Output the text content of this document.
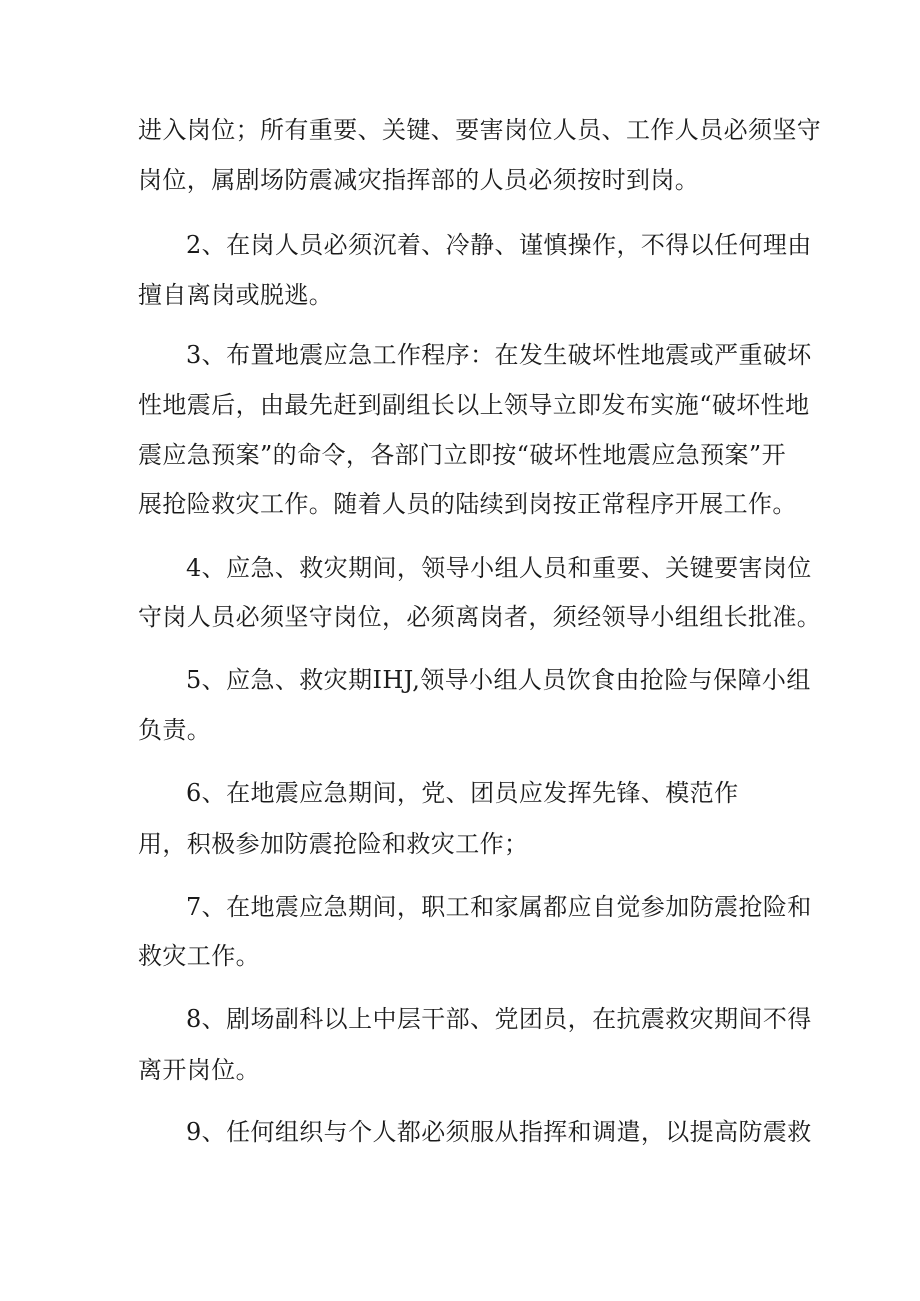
进入岗位；所有重要、关键、要害岗位人员、工作人员必须坚守
岗位，属剧场防震减灾指挥部的人员必须按时到岗。
2、在岗人员必须沉着、冷静、谨慎操作，不得以任何理由
擅自离岗或脱逃。
3、布置地震应急工作程序：在发生破坏性地震或严重破坏
性地震后，由最先赶到副组长以上领导立即发布实施“破坏性地
震应急预案”的命令，各部门立即按“破坏性地震应急预案”开
展抢险救灾工作。随着人员的陆续到岗按正常程序开展工作。
4、应急、救灾期间，领导小组人员和重要、关键要害岗位
守岗人员必须坚守岗位，必须离岗者，须经领导小组组长批准。
5、应急、救灾期IHJ,领导小组人员饮食由抢险与保障小组
负责。
6、在地震应急期间，党、团员应发挥先锋、模范作
用，积极参加防震抢险和救灾工作；
7、在地震应急期间，职工和家属都应自觉参加防震抢险和
救灾工作。
8、剧场副科以上中层干部、党团员，在抗震救灾期间不得
离开岗位。
9、任何组织与个人都必须服从指挥和调遣，以提高防震救
